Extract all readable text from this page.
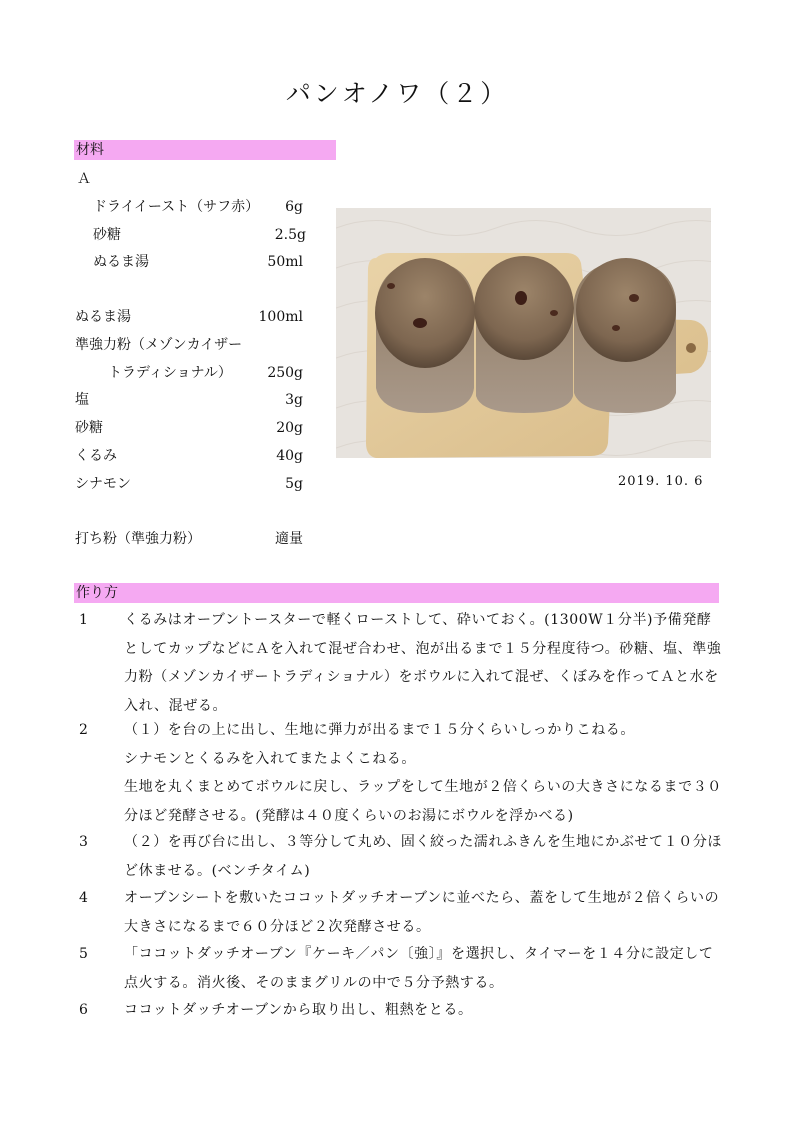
パンオノワ（２）
材料
Ａ
ドライイースト（サフ赤） 6g
砂糖	2.5g
ぬるま湯	50ml
ぬるま湯	100ml
準強力粉（メゾンカイザー
トラディショナル）	250g
塩	3g
砂糖	20g
くるみ	40g
シナモン	5g
打ち粉（準強力粉）	適量
2019. 10. 6
作り方
1	くるみはオーブントースターで軽くローストして、砕いておく。(1300W１分半)予備発酵としてカップなどにＡを入れて混ぜ合わせ、泡が出るまで１５分程度待つ。砂糖、塩、準強力粉（メゾンカイザートラディショナル）をボウルに入れて混ぜ、くぼみを作ってＡと水を入れ、混ぜる。
2	（１）を台の上に出し、生地に弾力が出るまで１５分くらいしっかりこねる。
シナモンとくるみを入れてまたよくこねる。
生地を丸くまとめてボウルに戻し、ラップをして生地が２倍くらいの大きさになるまで３０分ほど発酵させる。(発酵は４０度くらいのお湯にボウルを浮かべる)
3	（２）を再び台に出し、３等分して丸め、固く絞った濡れふきんを生地にかぶせて１０分ほど休ませる。(ベンチタイム)
4	オーブンシートを敷いたココットダッチオーブンに並べたら、蓋をして生地が２倍くらいの大きさになるまで６０分ほど２次発酵させる。
5	「ココットダッチオーブン『ケーキ／パン〔強〕』を選択し、タイマーを１４分に設定して点火する。消火後、そのままグリルの中で５分予熱する。
6	ココットダッチオーブンから取り出し、粗熱をとる。
